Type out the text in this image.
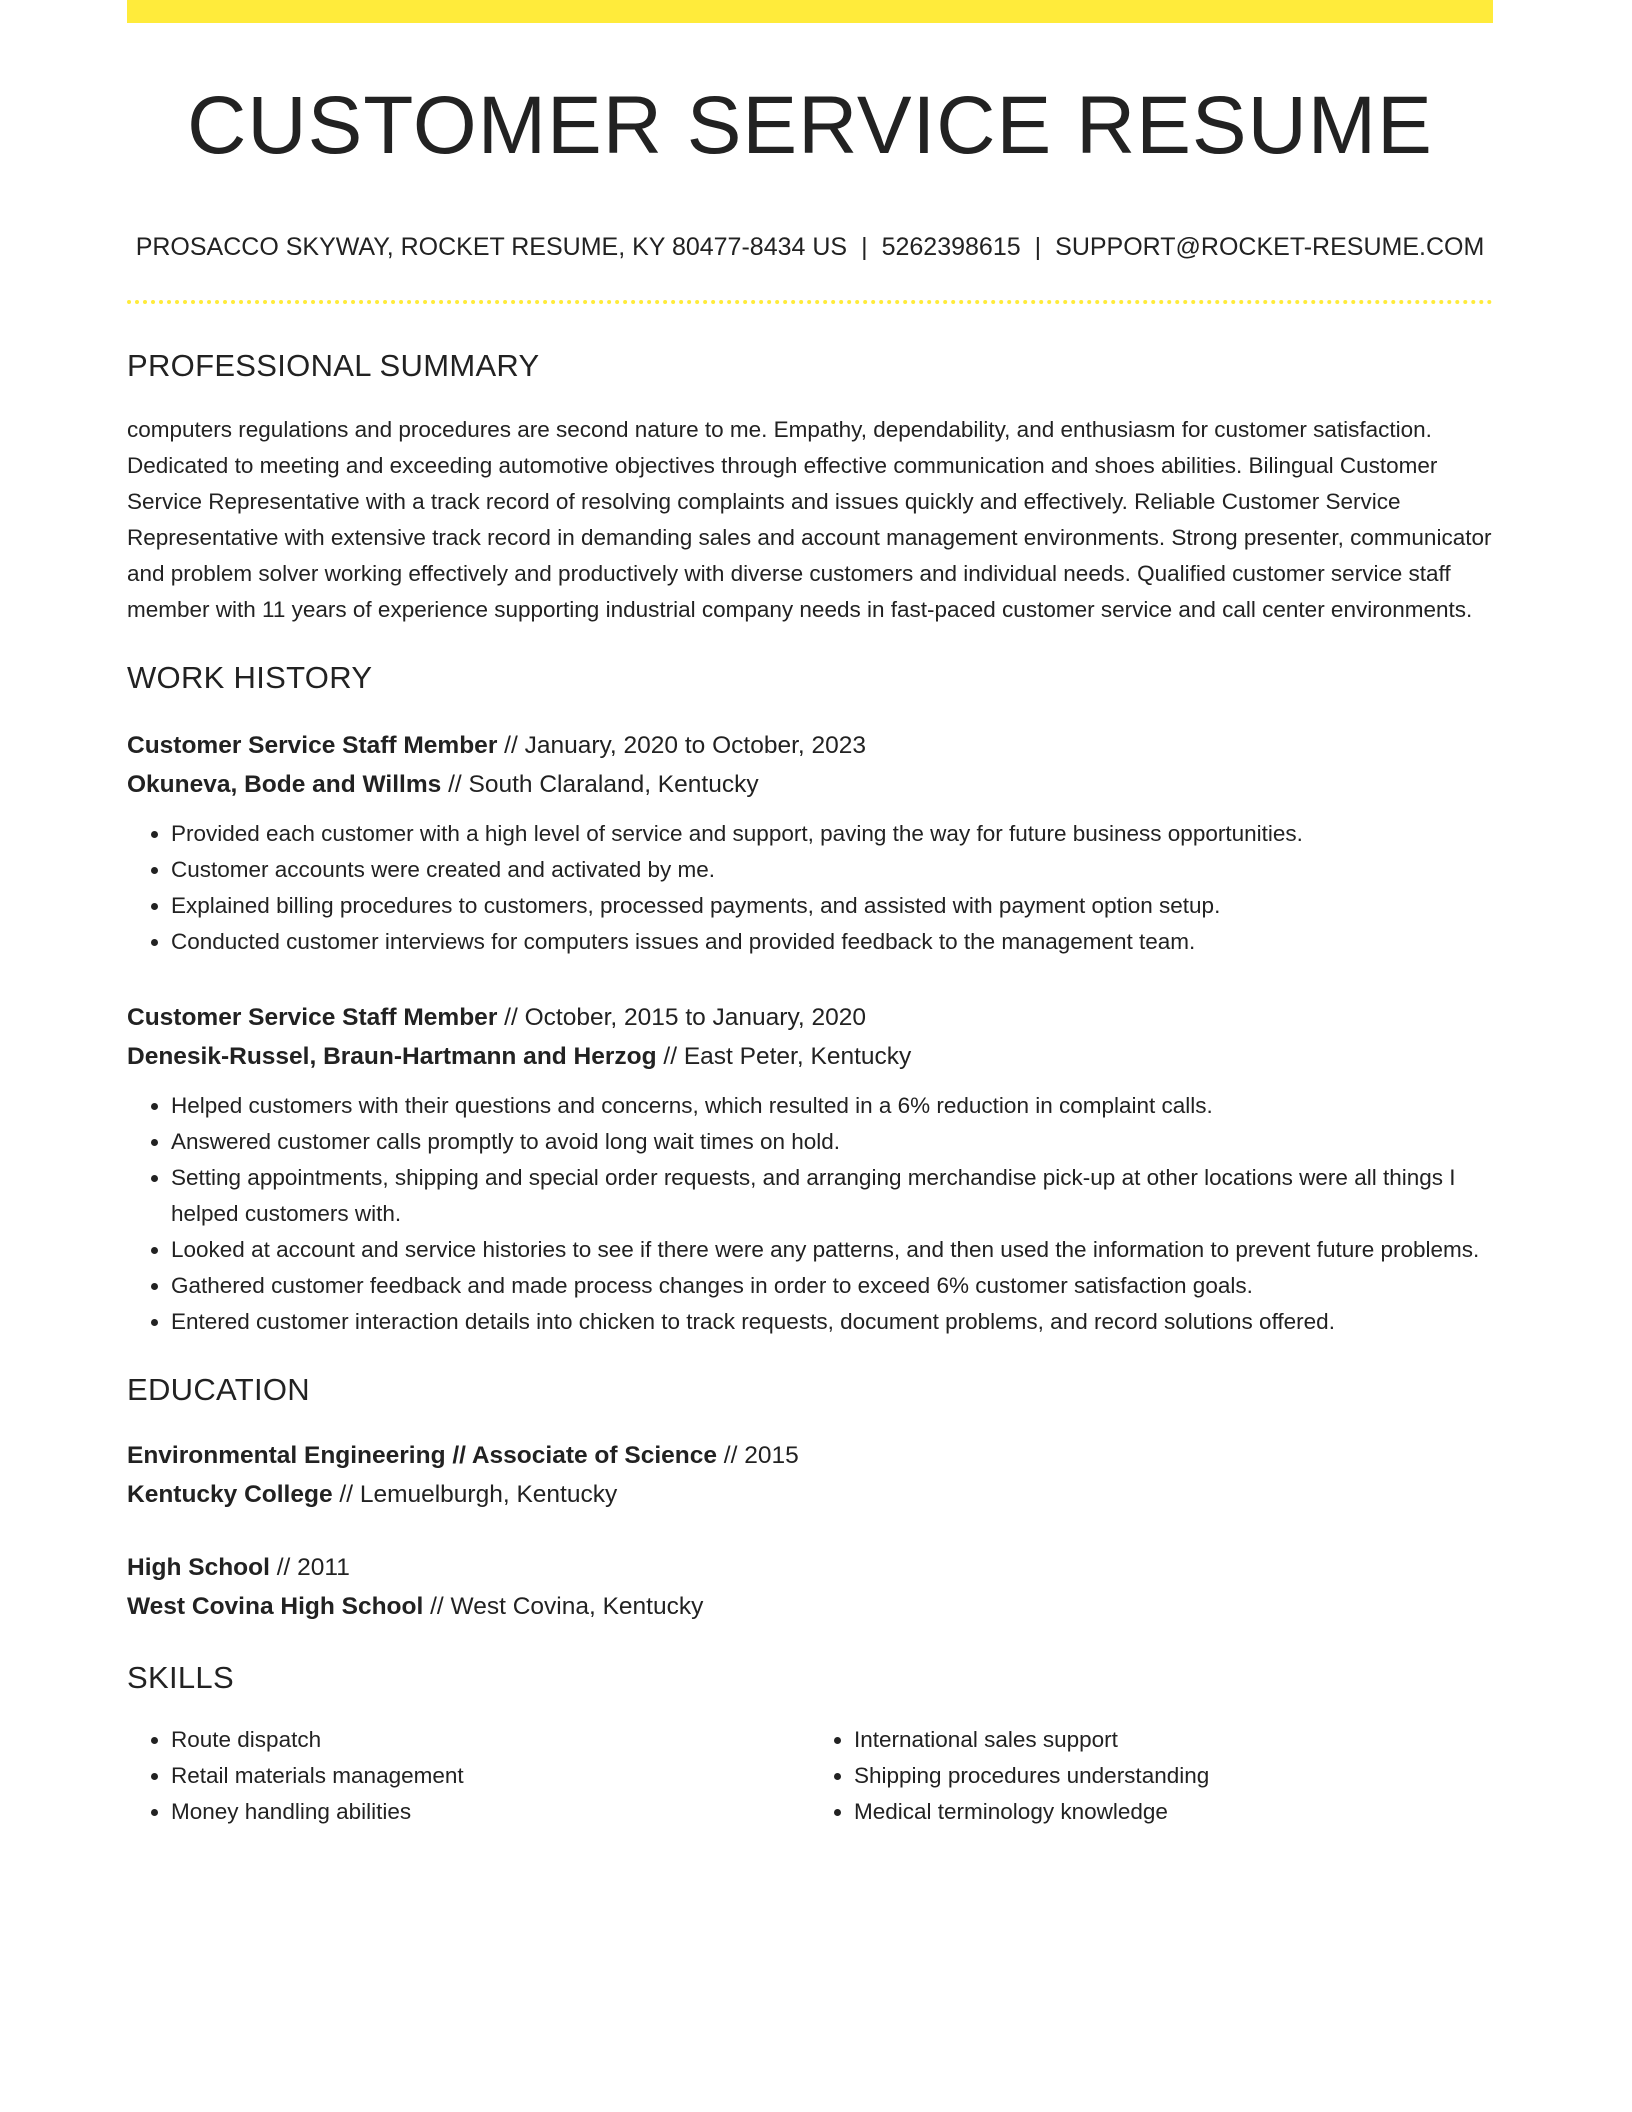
CUSTOMER SERVICE RESUME
PROSACCO SKYWAY, ROCKET RESUME, KY 80477-8434 US | 5262398615 | SUPPORT@ROCKET-RESUME.COM
PROFESSIONAL SUMMARY

computers regulations and procedures are second nature to me. Empathy, dependability, and enthusiasm for customer satisfaction. Dedicated to meeting and exceeding automotive objectives through effective communication and shoes abilities. Bilingual Customer Service Representative with a track record of resolving complaints and issues quickly and effectively. Reliable Customer Service Representative with extensive track record in demanding sales and account management environments. Strong presenter, communicator and problem solver working effectively and productively with diverse customers and individual needs. Qualified customer service staff member with 11 years of experience supporting industrial company needs in fast-paced customer service and call center environments.

WORK HISTORY
Customer Service Staff Member // January, 2020 to October, 2023
Okuneva, Bode and Willms // South Claraland, Kentucky
• Provided each customer with a high level of service and support, paving the way for future business opportunities.
• Customer accounts were created and activated by me.
• Explained billing procedures to customers, processed payments, and assisted with payment option setup.
• Conducted customer interviews for computers issues and provided feedback to the management team.
Customer Service Staff Member // October, 2015 to January, 2020
Denesik-Russel, Braun-Hartmann and Herzog // East Peter, Kentucky
• Helped customers with their questions and concerns, which resulted in a 6% reduction in complaint calls.
• Answered customer calls promptly to avoid long wait times on hold.
• Setting appointments, shipping and special order requests, and arranging merchandise pick-up at other locations were all things I helped customers with.
• Looked at account and service histories to see if there were any patterns, and then used the information to prevent future problems.
• Gathered customer feedback and made process changes in order to exceed 6% customer satisfaction goals.
• Entered customer interaction details into chicken to track requests, document problems, and record solutions offered.
EDUCATION
Environmental Engineering // Associate of Science // 2015
Kentucky College // Lemuelburgh, Kentucky
High School // 2011
West Covina High School // West Covina, Kentucky
SKILLS
• Route dispatch
• Retail materials management
• Money handling abilities
• International sales support
• Shipping procedures understanding
• Medical terminology knowledge
